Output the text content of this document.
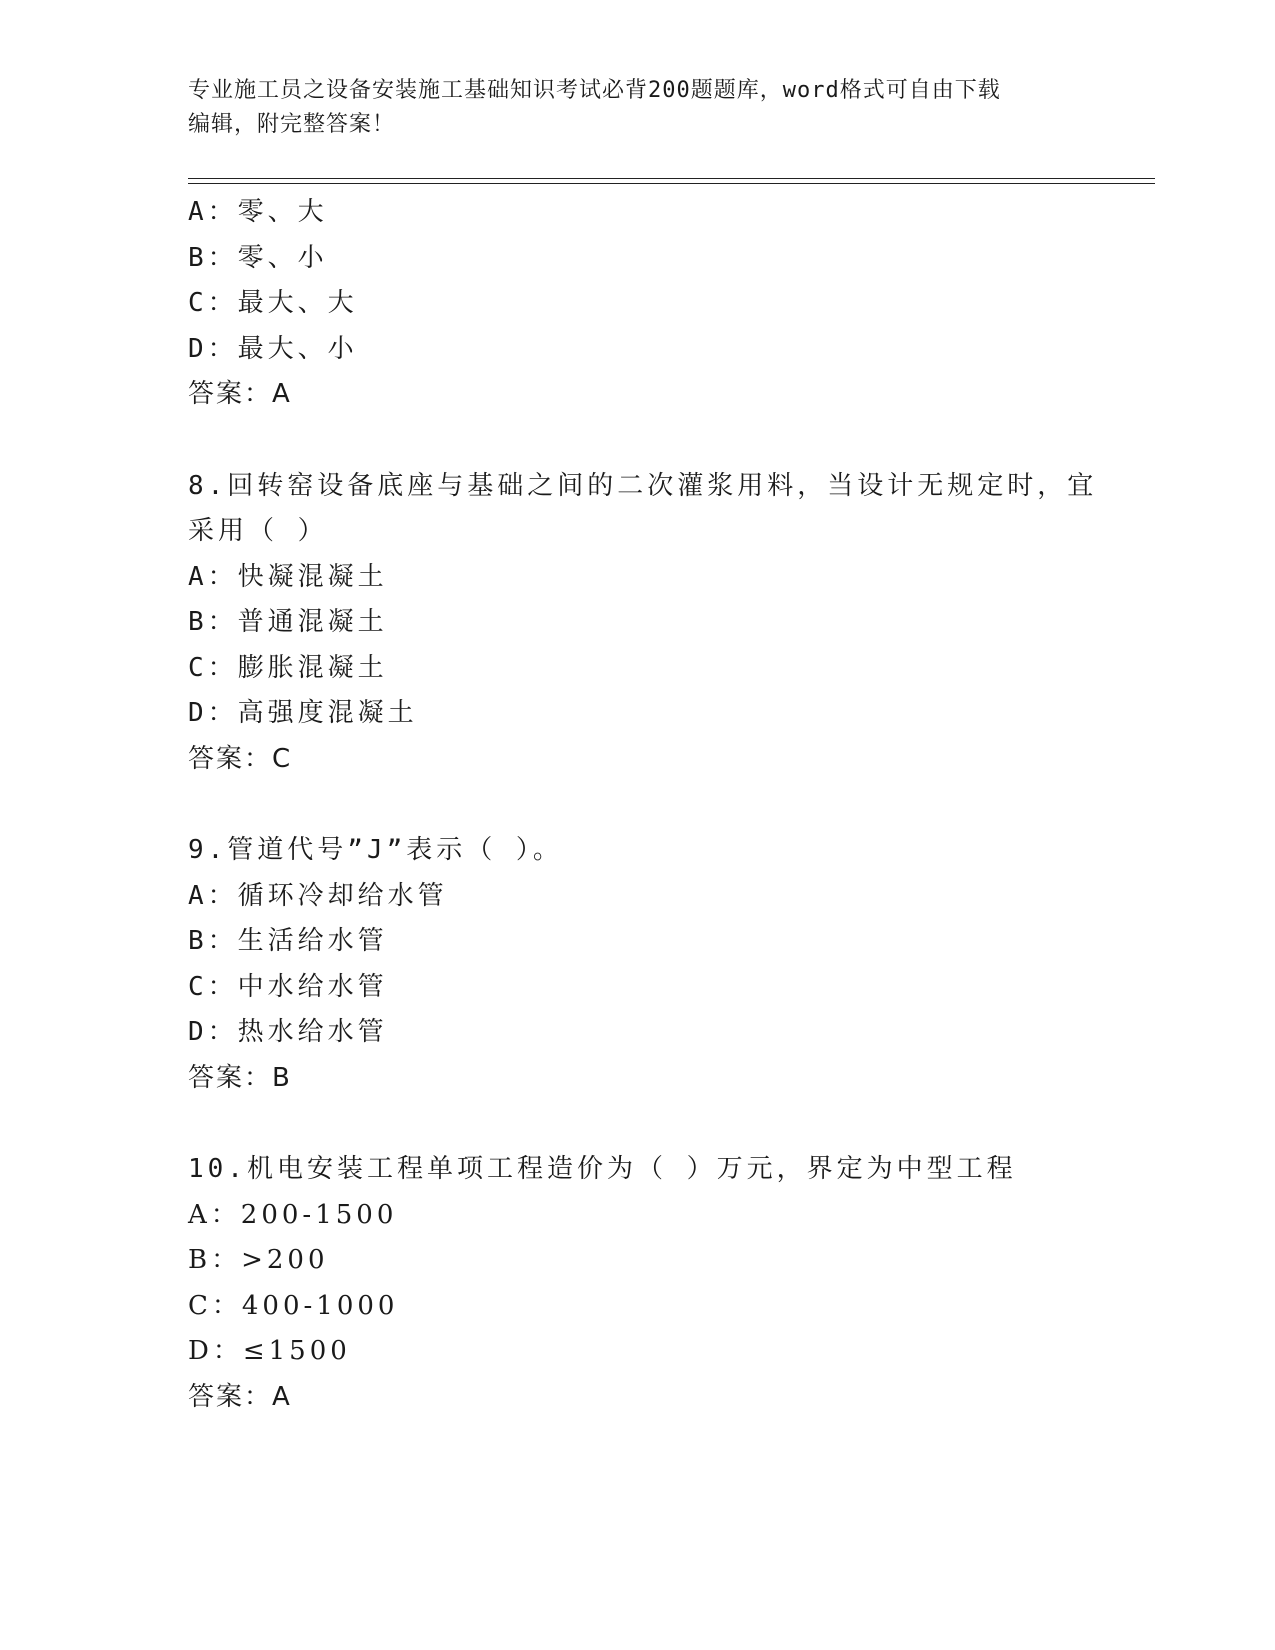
专业施工员之设备安装施工基础知识考试必背200题题库，word格式可自由下载
编辑，附完整答案！
A：零、大
B：零、小
C：最大、大
D：最大、小
答案：A
8.回转窑设备底座与基础之间的二次灌浆用料，当设计无规定时，宜
采用（ ）
A：快凝混凝土
B：普通混凝土
C：膨胀混凝土
D：高强度混凝土
答案：C
9.管道代号”J”表示（ ）。
A：循环冷却给水管
B：生活给水管
C：中水给水管
D：热水给水管
答案：B
10.机电安装工程单项工程造价为（ ）万元，界定为中型工程
A：200-1500
B：>200
C：400-1000
D：≤1500
答案：A
